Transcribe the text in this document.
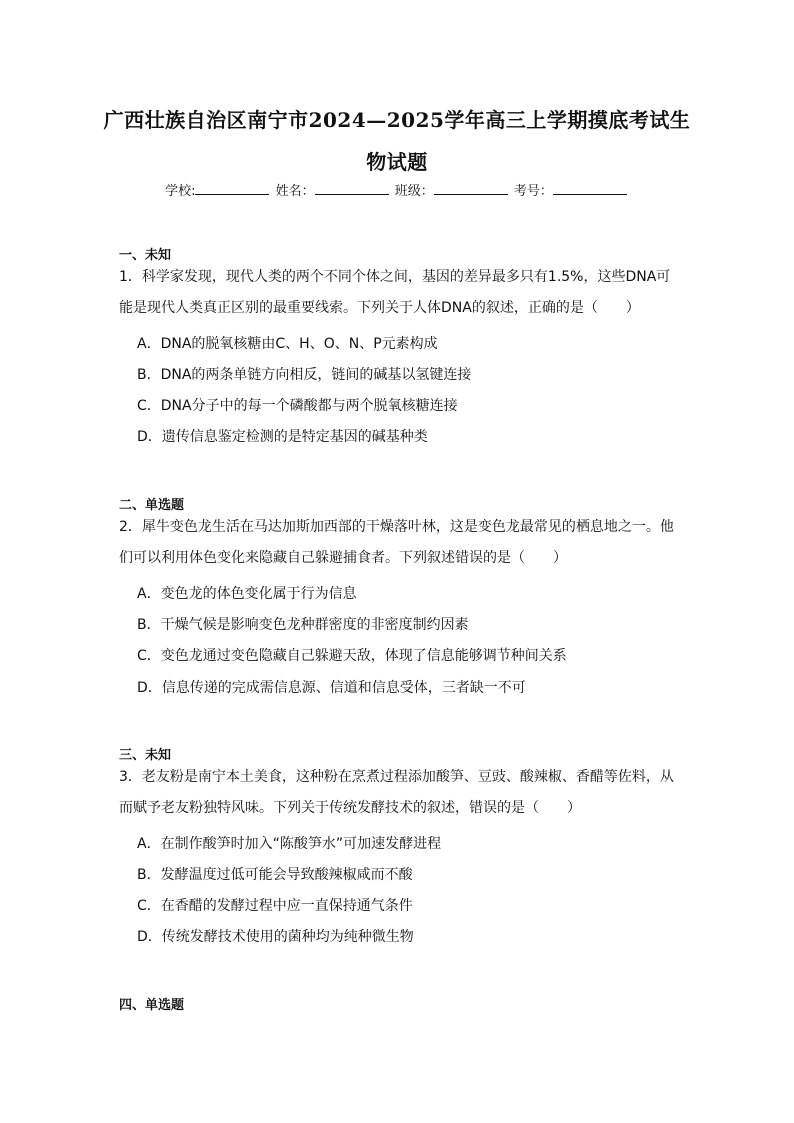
广西壮族自治区南宁市2024—2025学年高三上学期摸底考试生
物试题
学校:	姓名：	班级：	考号：
一、未知
1．科学家发现，现代人类的两个不同个体之间，基因的差异最多只有1.5%，这些DNA可
能是现代人类真正区别的最重要线索。下列关于人体DNA的叙述，正确的是（　　）
A．DNA的脱氧核糖由C、H、O、N、P元素构成
B．DNA的两条单链方向相反，链间的碱基以氢键连接
C．DNA分子中的每一个磷酸都与两个脱氧核糖连接
D．遗传信息鉴定检测的是特定基因的碱基种类
二、单选题
2．犀牛变色龙生活在马达加斯加西部的干燥落叶林，这是变色龙最常见的栖息地之一。他
们可以利用体色变化来隐藏自己躲避捕食者。下列叙述错误的是（　　）
A．变色龙的体色变化属于行为信息
B．干燥气候是影响变色龙种群密度的非密度制约因素
C．变色龙通过变色隐藏自己躲避天敌，体现了信息能够调节种间关系
D．信息传递的完成需信息源、信道和信息受体，三者缺一不可
三、未知
3．老友粉是南宁本土美食，这种粉在烹煮过程添加酸笋、豆豉、酸辣椒、香醋等佐料，从
而赋予老友粉独特风味。下列关于传统发酵技术的叙述，错误的是（　　）
A．在制作酸笋时加入“陈酸笋水”可加速发酵进程
B．发酵温度过低可能会导致酸辣椒咸而不酸
C．在香醋的发酵过程中应一直保持通气条件
D．传统发酵技术使用的菌种均为纯种微生物
四、单选题
